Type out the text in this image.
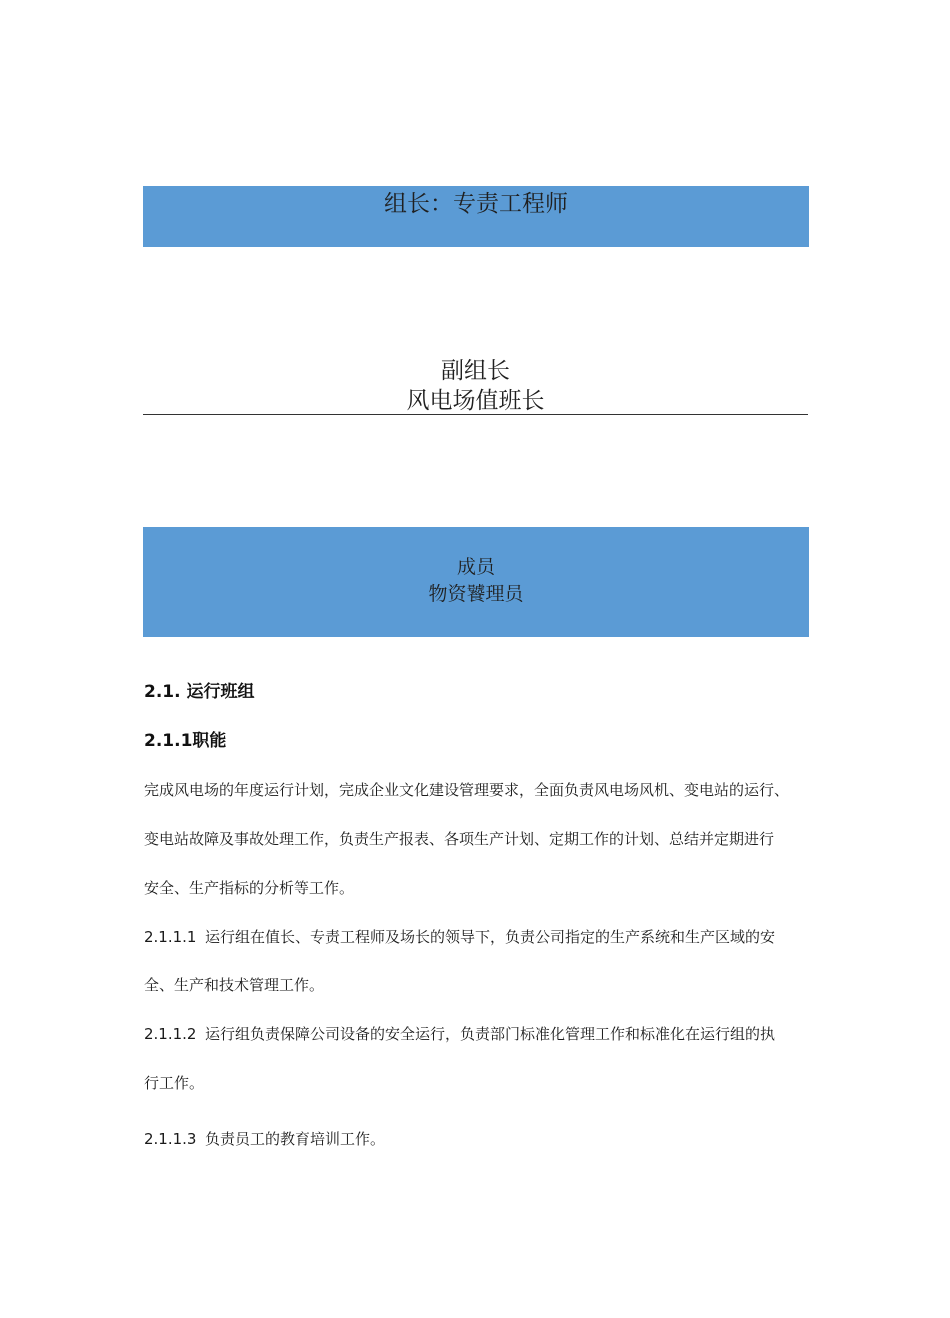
组长：专责工程师
副组长
风电场值班长
成员
物资饕理员
2.1. 运行班组
2.1.1职能
完成风电场的年度运行计划，完成企业文化建设管理要求，全面负责风电场风机、变电站的运行、
变电站故障及事故处理工作，负责生产报表、各项生产计划、定期工作的计划、总结并定期进行
安全、生产指标的分析等工作。
2.1.1.1 运行组在值长、专责工程师及场长的领导下，负责公司指定的生产系统和生产区域的安
全、生产和技术管理工作。
2.1.1.2 运行组负责保障公司设备的安全运行，负责部门标准化管理工作和标准化在运行组的执
行工作。
2.1.1.3 负责员工的教育培训工作。
